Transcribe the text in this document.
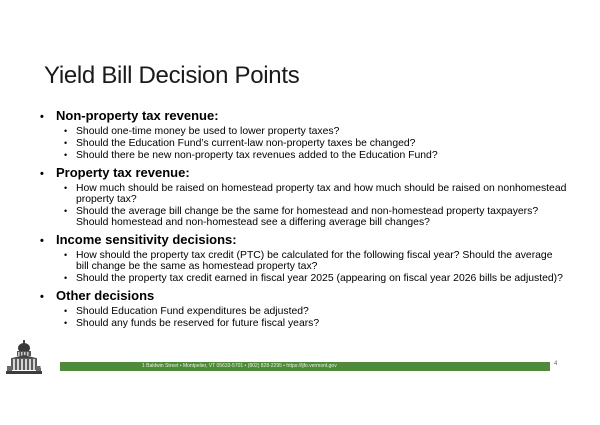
Yield Bill Decision Points
• Non-property tax revenue:
• Should one-time money be used to lower property taxes?
• Should the Education Fund’s current-law non-property taxes be changed?
• Should there be new non-property tax revenues added to the Education Fund?
• Property tax revenue:
• How much should be raised on homestead property tax and how much should be raised on nonhomestead property tax?
• Should the average bill change be the same for homestead and non-homestead property taxpayers? Should homestead and non-homestead see a differing average bill changes?
• Income sensitivity decisions:
• How should the property tax credit (PTC) be calculated for the following fiscal year? Should the average bill change be the same as homestead property tax?
• Should the property tax credit earned in fiscal year 2025 (appearing on fiscal year 2026 bills be adjusted)?
• Other decisions
• Should Education Fund expenditures be adjusted?
• Should any funds be reserved for future fiscal years?
JFO	1 Baldwin Street • Montpelier, VT 05633-5701 • (802) 828-2295 • https://ljfo.vermont.gov	4
